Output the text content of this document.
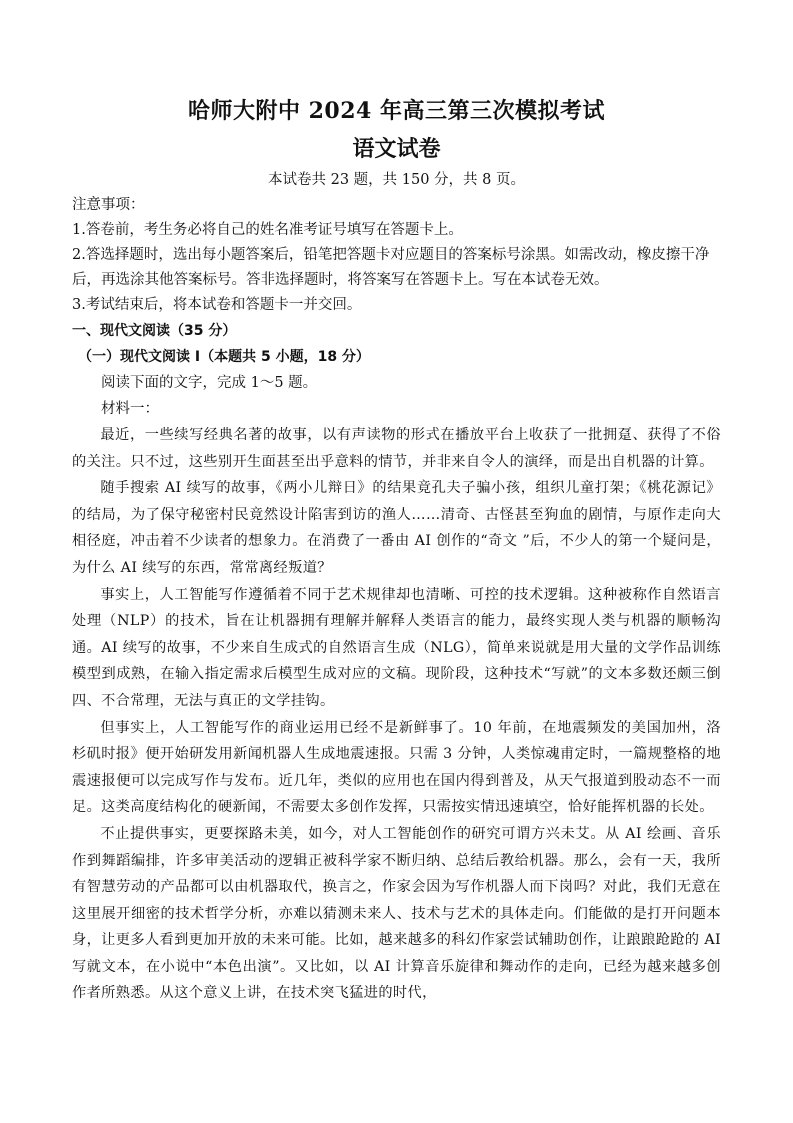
哈师大附中 2024 年高三第三次模拟考试
语文试卷

本试卷共 23 题，共 150 分，共 8 页。

注意事项：

1.答卷前，考生务必将自己的姓名准考证号填写在答题卡上。

2.答选择题时，选出每小题答案后，铅笔把答题卡对应题目的答案标号涂黑。如需改动，橡皮擦干净后，再选涂其他答案标号。答非选择题时，将答案写在答题卡上。写在本试卷无效。

3.考试结束后，将本试卷和答题卡一并交回。

一、现代文阅读（35 分）

（一）现代文阅读 I（本题共 5 小题，18 分）

阅读下面的文字，完成 1～5 题。

材料一：

最近，一些续写经典名著的故事，以有声读物的形式在播放平台上收获了一批拥趸、获得了不俗的关注。只不过，这些别开生面甚至出乎意料的情节，并非来自令人的演绎，而是出自机器的计算。

随手搜索 AI 续写的故事，《两小儿辩日》的结果竟孔夫子骗小孩，组织儿童打架；《桃花源记》的结局，为了保守秘密村民竟然设计陷害到访的渔人……清奇、古怪甚至狗血的剧情，与原作走向大相径庭，冲击着不少读者的想象力。在消费了一番由 AI 创作的“奇文 ”后，不少人的第一个疑问是，为什么 AI 续写的东西，常常离经叛道？

事实上，人工智能写作遵循着不同于艺术规律却也清晰、可控的技术逻辑。这种被称作自然语言处理（NLP）的技术，旨在让机器拥有理解并解释人类语言的能力，最终实现人类与机器的顺畅沟通。AI 续写的故事，不少来自生成式的自然语言生成（NLG），简单来说就是用大量的文学作品训练模型到成熟，在输入指定需求后模型生成对应的文稿。现阶段，这种技术“写就”的文本多数还颇三倒四、不合常理，无法与真正的文学挂钩。

但事实上，人工智能写作的商业运用已经不是新鲜事了。10 年前，在地震频发的美国加州，洛杉矶时报》便开始研发用新闻机器人生成地震速报。只需 3 分钟，人类惊魂甫定时，一篇规整格的地震速报便可以完成写作与发布。近几年，类似的应用也在国内得到普及，从天气报道到股动态不一而足。这类高度结构化的硬新闻，不需要太多创作发挥，只需按实情迅速填空，恰好能挥机器的长处。

不止提供事实，更要探路未美，如今，对人工智能创作的研究可谓方兴未艾。从 AI 绘画、音乐作到舞蹈编排，许多审美活动的逻辑正被科学家不断归纳、总结后教给机器。那么，会有一天，我所有智慧劳动的产品都可以由机器取代，换言之，作家会因为写作机器人而下岗吗？对此，我们无意在这里展开细密的技术哲学分析，亦难以猜测未来人、技术与艺术的具体走向。们能做的是打开问题本身，让更多人看到更加开放的未来可能。比如，越来越多的科幻作家尝试辅助创作，让踉踉跄跄的 AI 写就文本，在小说中“本色出演”。又比如，以 AI 计算音乐旋律和舞动作的走向，已经为越来越多创作者所熟悉。从这个意义上讲，在技术突飞猛进的时代，
